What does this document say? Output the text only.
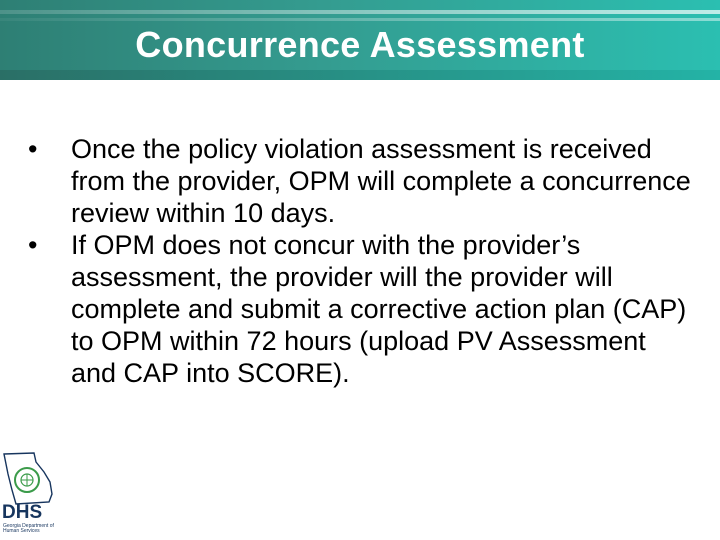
Concurrence Assessment
•	Once the policy violation assessment is received from the provider, OPM will complete a concurrence review within 10 days.
•	If OPM does not concur with the provider’s assessment, the provider will the provider will complete and submit a corrective action plan (CAP) to OPM within 72 hours (upload PV Assessment and CAP into SCORE).
DHS
Georgia Department of Human Services
